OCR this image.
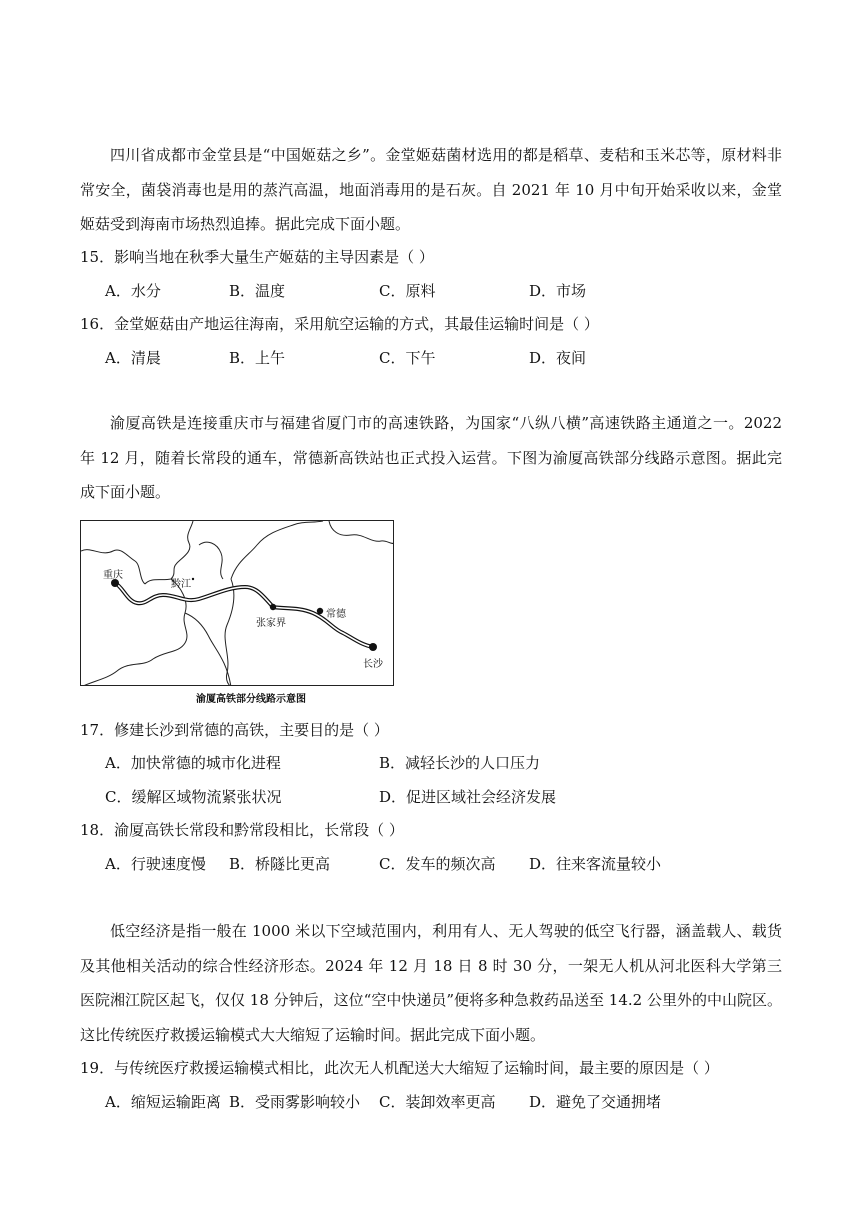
四川省成都市金堂县是“中国姬菇之乡”。金堂姬菇菌材选用的都是稻草、麦秸和玉米芯等，原材料非常安全，菌袋消毒也是用的蒸汽高温，地面消毒用的是石灰。自 2021 年 10 月中旬开始采收以来，金堂姬菇受到海南市场热烈追捧。据此完成下面小题。

15．影响当地在秋季大量生产姬菇的主导因素是（ ）
A．水分	B．温度	C．原料	D．市场
16．金堂姬菇由产地运往海南，采用航空运输的方式，其最佳运输时间是（ ）
A．清晨	B．上午	C．下午	D．夜间

渝厦高铁是连接重庆市与福建省厦门市的高速铁路，为国家“八纵八横”高速铁路主通道之一。2022 年 12 月，随着长常段的通车，常德新高铁站也正式投入运营。下图为渝厦高铁部分线路示意图。据此完成下面小题。

重庆
黔江
张家界
常德
长沙
渝厦高铁部分线路示意图
17．修建长沙到常德的高铁，主要目的是（ ）
A．加快常德的城市化进程	B．减轻长沙的人口压力
C．缓解区域物流紧张状况	D．促进区域社会经济发展
18．渝厦高铁长常段和黔常段相比，长常段（ ）
A．行驶速度慢 B．桥隧比更高	C．发车的频次高 D．往来客流量较小

低空经济是指一般在 1000 米以下空域范围内，利用有人、无人驾驶的低空飞行器，涵盖载人、载货及其他相关活动的综合性经济形态。2024 年 12 月 18 日 8 时 30 分，一架无人机从河北医科大学第三医院湘江院区起飞，仅仅 18 分钟后，这位“空中快递员”便将多种急救药品送至 14.2 公里外的中山院区。这比传统医疗救援运输模式大大缩短了运输时间。据此完成下面小题。

19．与传统医疗救援运输模式相比，此次无人机配送大大缩短了运输时间，最主要的原因是（ ）
A．缩短运输距离 B．受雨雾影响较小 C．装卸效率更高 D．避免了交通拥堵
